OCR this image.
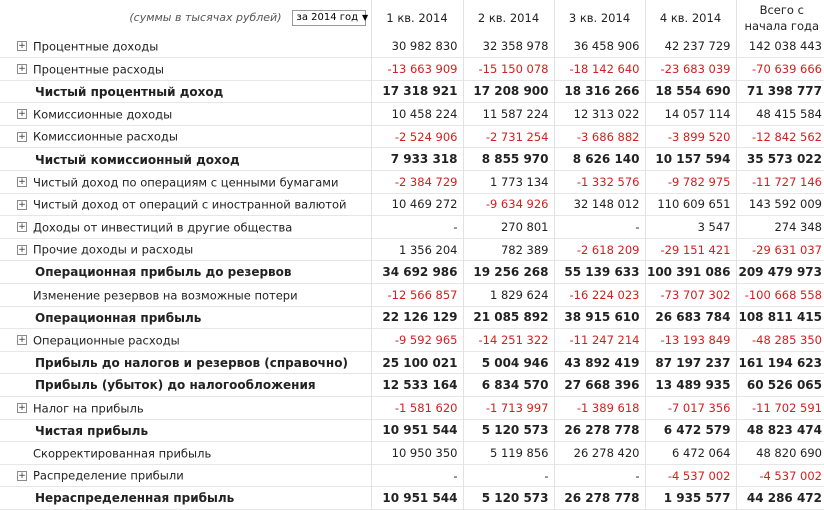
(суммы в тысячах рублей) за 2014 год ▼	1 кв. 2014	2 кв. 2014	3 кв. 2014	4 кв. 2014	Всего с начала года
+ Процентные доходы	30 982 830	32 358 978	36 458 906	42 237 729	142 038 443
+ Процентные расходы	-13 663 909	-15 150 078	-18 142 640	-23 683 039	-70 639 666
Чистый процентный доход	17 318 921	17 208 900	18 316 266	18 554 690	71 398 777
+ Комиссионные доходы	10 458 224	11 587 224	12 313 022	14 057 114	48 415 584
+ Комиссионные расходы	-2 524 906	-2 731 254	-3 686 882	-3 899 520	-12 842 562
Чистый комиссионный доход	7 933 318	8 855 970	8 626 140	10 157 594	35 573 022
+ Чистый доход по операциям с ценными бумагами	-2 384 729	1 773 134	-1 332 576	-9 782 975	-11 727 146
+ Чистый доход от операций с иностранной валютой	10 469 272	-9 634 926	32 148 012	110 609 651	143 592 009
+ Доходы от инвестиций в другие общества	-	270 801	-	3 547	274 348
+ Прочие доходы и расходы	1 356 204	782 389	-2 618 209	-29 151 421	-29 631 037
Операционная прибыль до резервов	34 692 986	19 256 268	55 139 633	100 391 086	209 479 973
Изменение резервов на возможные потери	-12 566 857	1 829 624	-16 224 023	-73 707 302	-100 668 558
Операционная прибыль	22 126 129	21 085 892	38 915 610	26 683 784	108 811 415
+ Операционные расходы	-9 592 965	-14 251 322	-11 247 214	-13 193 849	-48 285 350
Прибыль до налогов и резервов (справочно)	25 100 021	5 004 946	43 892 419	87 197 237	161 194 623
Прибыль (убыток) до налогообложения	12 533 164	6 834 570	27 668 396	13 489 935	60 526 065
+ Налог на прибыль	-1 581 620	-1 713 997	-1 389 618	-7 017 356	-11 702 591
Чистая прибыль	10 951 544	5 120 573	26 278 778	6 472 579	48 823 474
Скорректированная прибыль	10 950 350	5 119 856	26 278 420	6 472 064	48 820 690
+ Распределение прибыли	-	-	-	-4 537 002	-4 537 002
Нераспределенная прибыль	10 951 544	5 120 573	26 278 778	1 935 577	44 286 472
